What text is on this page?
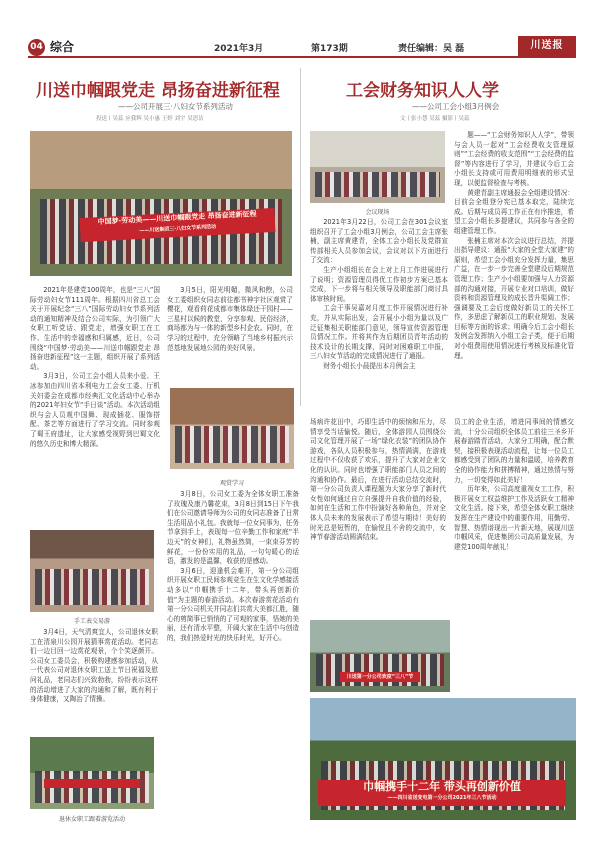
04 综合	2021年3月	第173期	责任编辑：吴 磊	川送报
川送巾帼跟党走 昂扬奋进新征程
——公司开展三·八妇女节系列活动
投送丨吴蕊 应我辉 吴小惠 王婷 刘宇 吴思洁
中国梦·劳动美——川送巾帼跟党走 昂扬奋进新征程
——川送集团三·八妇女节系列活动

2021年是建党100周年，也是“三八”国际劳动妇女节111周年。根据四川省总工会关于开展纪念“三八”国际劳动妇女节系列活动的通知精神及结合公司实际，为引领广大女职工听党话、跟党走，增强女职工在工作、生活中的幸福感和归属感，近日，公司围绕“中国梦·劳动美——川送巾帼跟党走 昂扬奋进新征程”这一主题，组织开展了系列活动。

3月3日，公司工会小组人员来小爱、王冰参加由四川省本利电力工会女工委、厅机关妇委会在成都市经典汇文化活动中心举办的2021年妇女节“手日谈”活动。本次活动组织与会人员观中国舞、现成插花、服饰搭配、茶艺等方面进行了学习交流。同时参观了蜀王府遗址，让大家感受视野到巴蜀文化的悠久历史和博大精深。

3月5日，阳光明媚，微风和煦，公司女工委组织女同志前往都书神宇社区观赏了樱花，观看荷花成都市集体绿还干园村——三星村以候的教堂，分享参观、民俗经济，商场都为与一体的新型乡村企农。同时，在学习的过程中，充分领略了当地乡村振兴示范基地发展地公园的美好风景。

观赏学习
手工表交易游

3月4日，天气清爽宜人，公司退休女职工在清泉川公园开展猜事赏花活动。老同志们一边目回一边赏花观景，个个笑逐颜开。公司女工委员会，积极构建感参加活动，从一代表公司对退休女职工送上节日祝福及慰问礼品，老同志们兴致勃勃，纷纷表示这样的活动增进了大家的沟通和了解，既有利于身体健康，又陶冶了情操。

退休女职工跟着游览活动

3月8日，公司女工委为全体女职工准备了玫瑰及康乃馨花束，3月8日到15日下午我们在公司邀请导师为公司的女同志准备了日常生活用品小礼包。我就每一位女同事为，任务节拿到手上，表现每一位辛勤工作和家庭“半边天”的女神们，礼物虽然简，一束束芬芳的鲜花，一份份实用的礼品，一句句暖心的话语，激发的是温馨，收获的是感动。

3月6日，迎逢机会难开，第一分公司组织开展女职工民间参观竞生在生文化学感接活动多以“巾帼携手十二年，带头再创新价值”为主题的春游活动。本次春游赏花活动有第一分公司机关并同志们共赏大美都江胜，随心的剪简事已悄悄的了可观的家事，悟她的美丽，还有清水平整，开阔大家在生活中与创造的，我们热爱时光的快乐时光，好开心。

工会财务知识人人学
——公司工会小组3月例会
文丨张小慧 吴蕊 摄影丨吴蕊
会议现场

2021年3月22日，公司工会在301会议室组织召开了工会小组3月例会，公司工会主席张楠，副主席黄建青，全体工会小组长及党群宣传部相关人员参加会议，会议对以下方面进行了交流：

生产小组组长在会上对上月工作进展进行了说明；资源管理员得优工作初步方案已基本完成，下一步将与相关领导及职能部门商讨具体审核时间。

工会干事吴嘉对月度工作开展情况进行补充，并从实际出发，会开展小小组为量以及广泛征集相关职能部门意见，领导宣传资源管理员情况工作。并将其作为后期团员青年活动的技术设计的长期支撑，同时对困难职工申报，三八妇女节活动的完成情况进行了通报。

财务小组长小晨提出本月例会主

题——“工会财务知识人人学”，带领与会人员一起对“工会经费收支管理原则”“工会经费的收支范围”“工会经费的监督”等内容进行了学习，并建议今后工会小组长支持或可用费用明细表的形式呈现，以便监督检查与考核。

黄建青副主席通报会全组建设情况：目前会全组登分宪已基本取完，陆续完成。后期与成员再工作正在有序推进，希望工会小组长多提建议，共同参与各全的组建管理工作。

张楠主席对本次会议进行总结，并提出指导建议：通报“大家的全堂大家建”的原则，希望工会小组充分发挥力量，集思广益，在一步一步完善全堂建设后期规范管理工作；生产小小组要加强与人力资源部的沟通对接，开展专业对口培训，做好资料和资源管理及的成长晋升渠阔工作；强调要及工会后度做好新员工的关怀工作，多思虑了解新员工的职业规划、发展目标等方面的诉求；明确今后工会小组长发例会发挥纳入小组工会子类，便于后期对小组费用使用情况进行考核及标准化管理。

场病许花田中，巧即生活中的烦恼和压力，尽情享受当话愉悦。随后，全体游园人员围绕公司文化管理开展了一场“绿化衣装”的团队协作游戏，各队人员积极参与，热情满满，在游戏过程中不仅收获了欢乐，提升了大家对企业文化的认识。同时也增强了职能部门人员之间的沟通和协作。最后，在进行活动总结交流时，第一分公司负责人课程题为大家分享了新时代女性如何通过自立自强提升自我价值的经验，如何在生活和工作中扮演好各种角色，并对全体人员未来的发展表示了希望与期待！美好的时光总是短暂的，在愉悦且不舍的交流中，女神节春游活动圆满结束。

员工的企业生活，增进同事间的情感交流，十分公司组织全体员工前往三圣乡开展春游踏青活动，大家分工明确，配合默契，接积极表现活动流程，让每一位员工都感受到了团队的力量和温暖，培养教育全的协作能力和拼搏精神，通过热情与努力，一切变得如此美好！

历年来，公司高度重视女工工作，积极开展女工权益维护工作及活跃女工精神文化生活。接下来，希望全体女职工继续发挥在生产建设中的重要作用，用勤劳、智慧、热情谱现出一片新天地，展现川送巾帼风采，促进集团公司高质量发展，为建党100周年献礼！

川送第一分公司欢度“三八”节
巾帼携手十二年 带头再创新价值
——四川省送变电第一分公司2021年三八节活动
